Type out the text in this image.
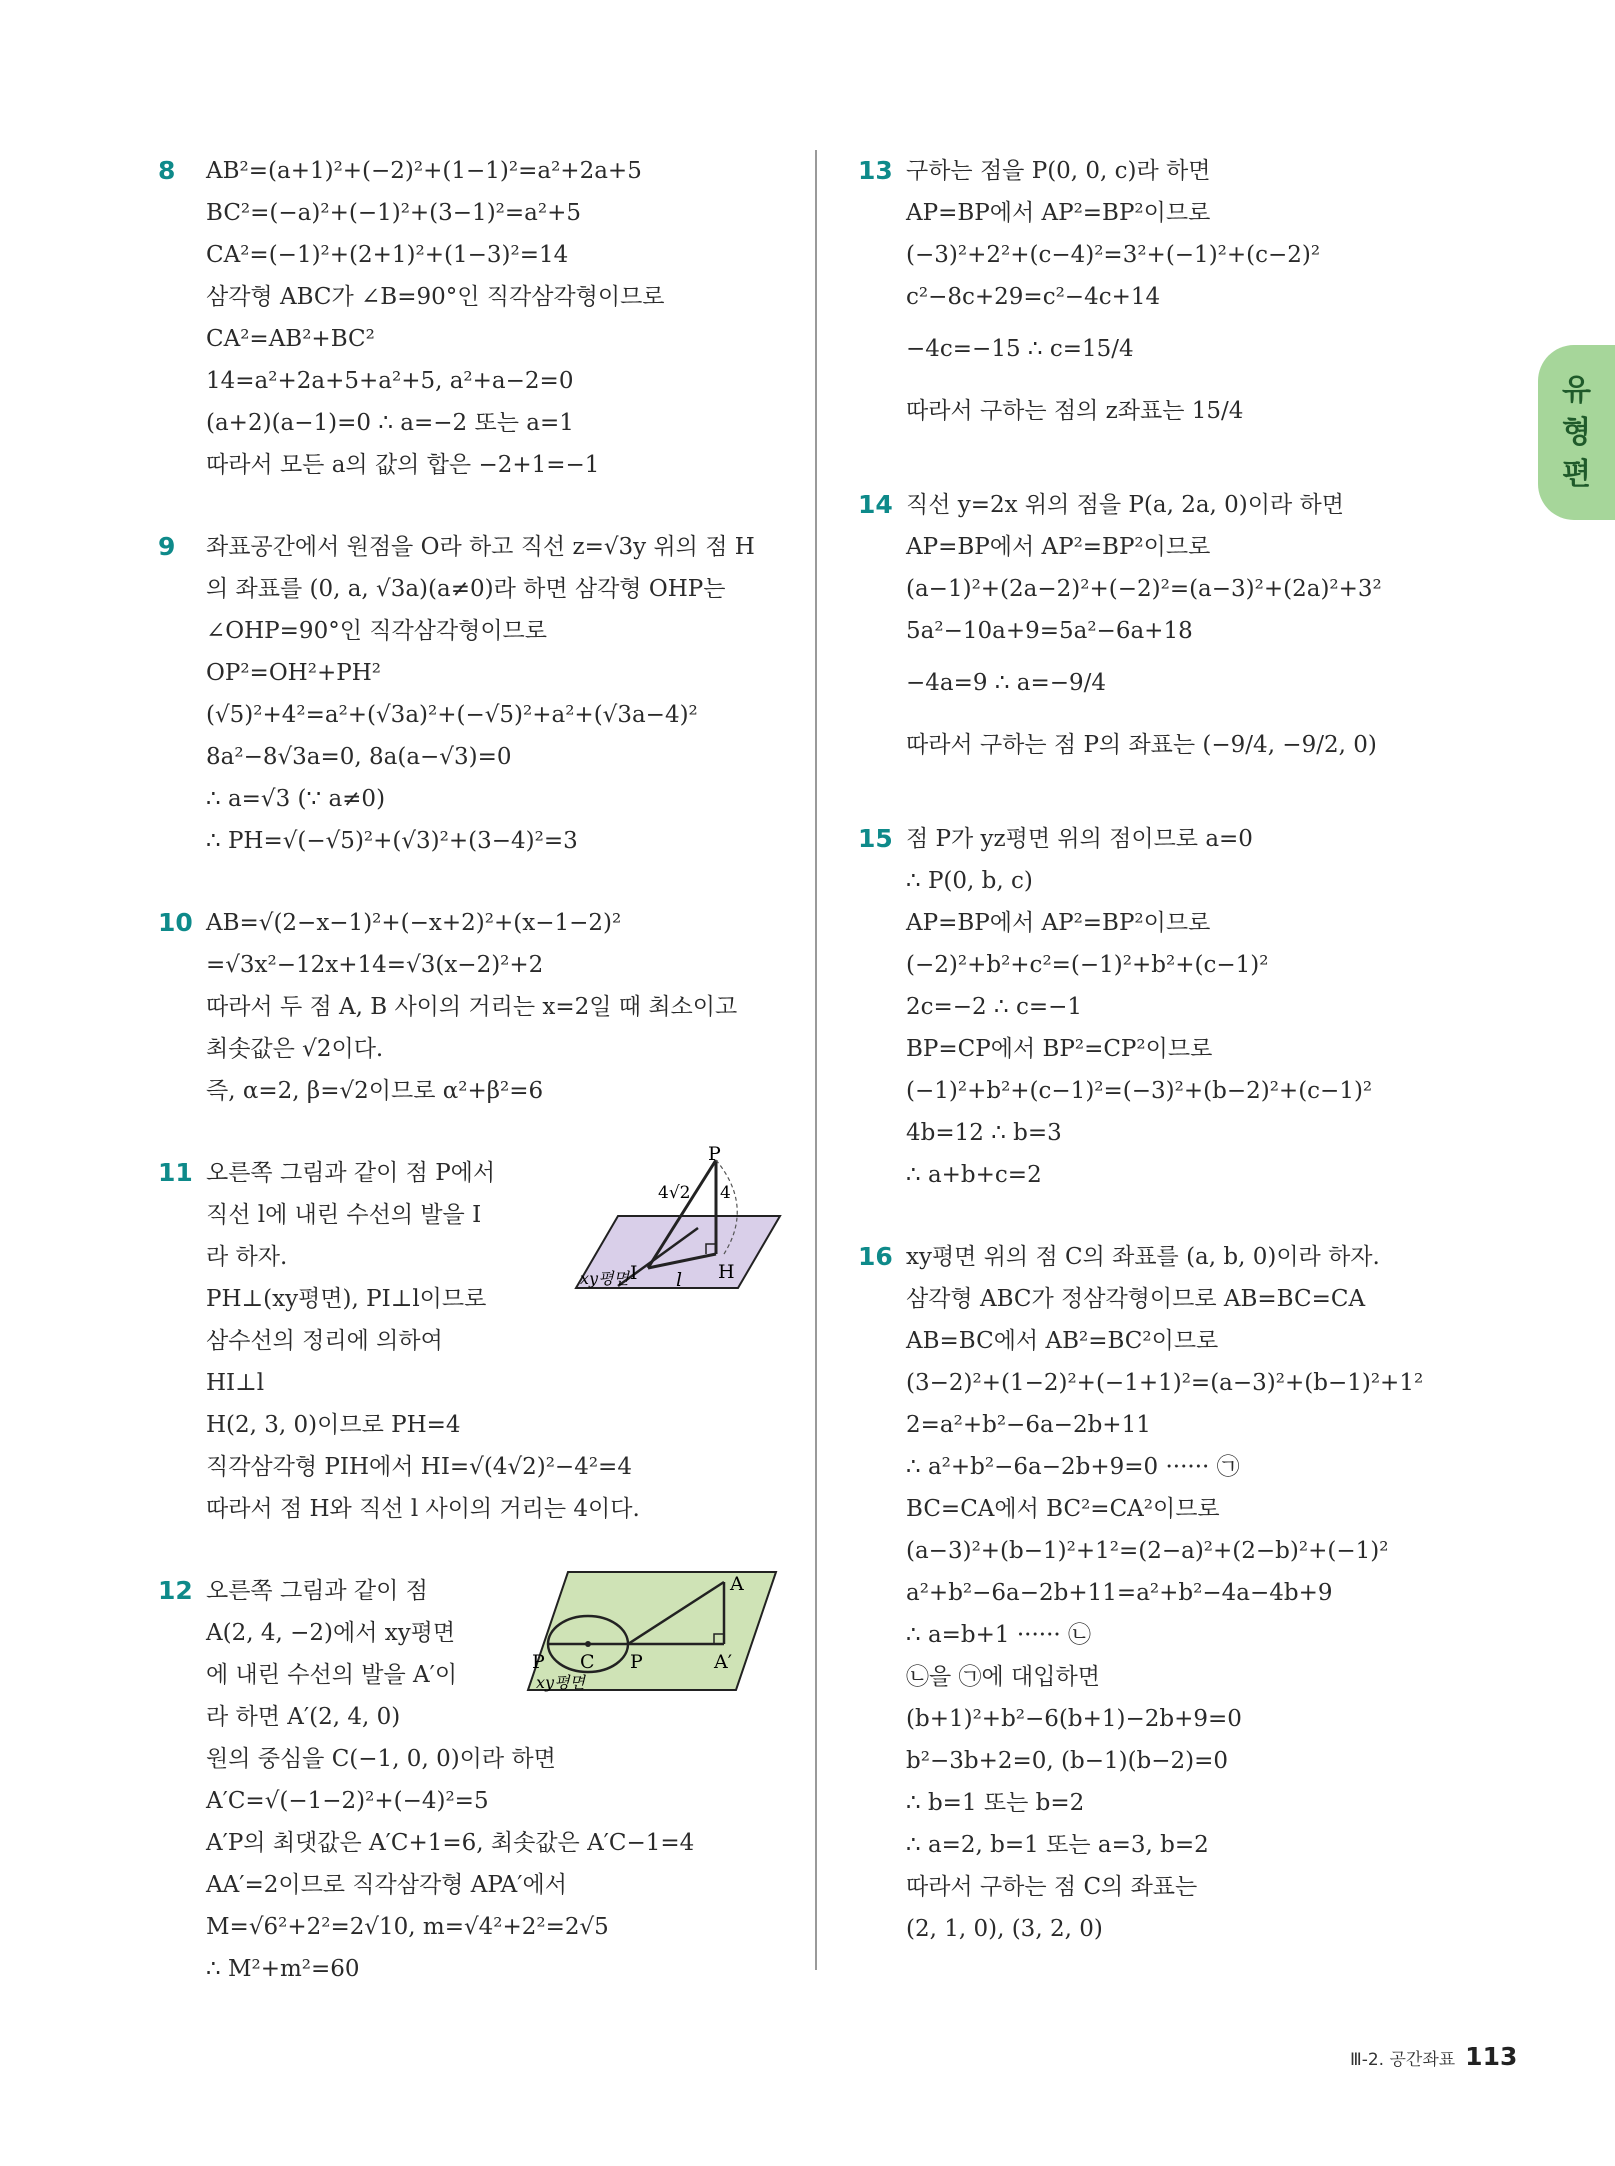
유
형
편
8 AB²=(a+1)²+(−2)²+(1−1)²=a²+2a+5
BC²=(−a)²+(−1)²+(3−1)²=a²+5
CA²=(−1)²+(2+1)²+(1−3)²=14
삼각형 ABC가 ∠B=90°인 직각삼각형이므로
CA²=AB²+BC²
14=a²+2a+5+a²+5, a²+a−2=0
(a+2)(a−1)=0 ∴ a=−2 또는 a=1
따라서 모든 a의 값의 합은 −2+1=−1
9 좌표공간에서 원점을 O라 하고 직선 z=√3y 위의 점 H
의 좌표를 (0, a, √3a)(a≠0)라 하면 삼각형 OHP는
∠OHP=90°인 직각삼각형이므로
OP²=OH²+PH²
(√5)²+4²=a²+(√3a)²+(−√5)²+a²+(√3a−4)²
8a²−8√3a=0, 8a(a−√3)=0
∴ a=√3 (∵ a≠0)
∴ PH=√(−√5)²+(√3)²+(3−4)²=3
10 AB=√(2−x−1)²+(−x+2)²+(x−1−2)²
=√3x²−12x+14=√3(x−2)²+2
따라서 두 점 A, B 사이의 거리는 x=2일 때 최소이고
최솟값은 √2이다.
즉, α=2, β=√2이므로 α²+β²=6
11 오른쪽 그림과 같이 점 P에서
직선 l에 내린 수선의 발을 I
라 하자.
PH⊥(xy평면), PI⊥l이므로
삼수선의 정리에 의하여
HI⊥l
H(2, 3, 0)이므로 PH=4
직각삼각형 PIH에서 HI=√(4√2)²−4²=4
따라서 점 H와 직선 l 사이의 거리는 4이다.
P
H
I l
4√2 4
xy평면
12 오른쪽 그림과 같이 점
A(2, 4, −2)에서 xy평면
에 내린 수선의 발을 A′이
라 하면 A′(2, 4, 0)
원의 중심을 C(−1, 0, 0)이라 하면
A′C=√(−1−2)²+(−4)²=5
A′P의 최댓값은 A′C+1=6, 최솟값은 A′C−1=4
AA′=2이므로 직각삼각형 APA′에서
M=√6²+2²=2√10, m=√4²+2²=2√5
∴ M²+m²=60
A
A′
P C P
xy평면
13 구하는 점을 P(0, 0, c)라 하면
AP=BP에서 AP²=BP²이므로
(−3)²+2²+(c−4)²=3²+(−1)²+(c−2)²
c²−8c+29=c²−4c+14
−4c=−15 ∴ c=15/4
따라서 구하는 점의 z좌표는 15/4
14 직선 y=2x 위의 점을 P(a, 2a, 0)이라 하면
AP=BP에서 AP²=BP²이므로
(a−1)²+(2a−2)²+(−2)²=(a−3)²+(2a)²+3²
5a²−10a+9=5a²−6a+18
−4a=9 ∴ a=−9/4
따라서 구하는 점 P의 좌표는 (−9/4, −9/2, 0)
15 점 P가 yz평면 위의 점이므로 a=0
∴ P(0, b, c)
AP=BP에서 AP²=BP²이므로
(−2)²+b²+c²=(−1)²+b²+(c−1)²
2c=−2 ∴ c=−1
BP=CP에서 BP²=CP²이므로
(−1)²+b²+(c−1)²=(−3)²+(b−2)²+(c−1)²
4b=12 ∴ b=3
∴ a+b+c=2
16 xy평면 위의 점 C의 좌표를 (a, b, 0)이라 하자.
삼각형 ABC가 정삼각형이므로 AB=BC=CA
AB=BC에서 AB²=BC²이므로
(3−2)²+(1−2)²+(−1+1)²=(a−3)²+(b−1)²+1²
2=a²+b²−6a−2b+11
∴ a²+b²−6a−2b+9=0 ······ ㉠
BC=CA에서 BC²=CA²이므로
(a−3)²+(b−1)²+1²=(2−a)²+(2−b)²+(−1)²
a²+b²−6a−2b+11=a²+b²−4a−4b+9
∴ a=b+1 ······ ㉡
㉡을 ㉠에 대입하면
(b+1)²+b²−6(b+1)−2b+9=0
b²−3b+2=0, (b−1)(b−2)=0
∴ b=1 또는 b=2
∴ a=2, b=1 또는 a=3, b=2
따라서 구하는 점 C의 좌표는
(2, 1, 0), (3, 2, 0)
Ⅲ-2. 공간좌표 113
